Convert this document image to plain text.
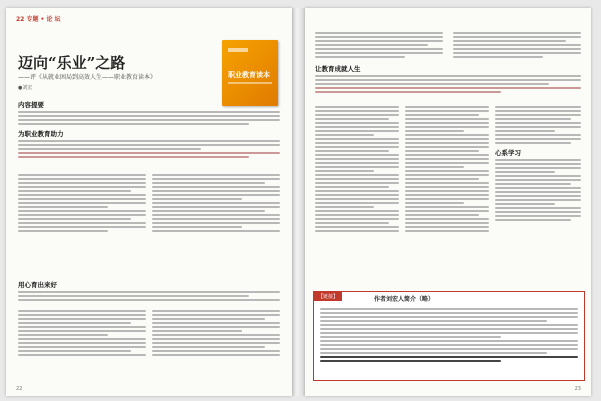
22 专题 • 论 坛
迈向“乐业”之路
——评《从就业困局到高效人生——职业教育读本》
●刘宏
职业教育读本
内容提要
为职业教育助力
用心育出来好
22
让教育成就人生
心系学习
【链接】	作者刘宏人简介（略）
23
